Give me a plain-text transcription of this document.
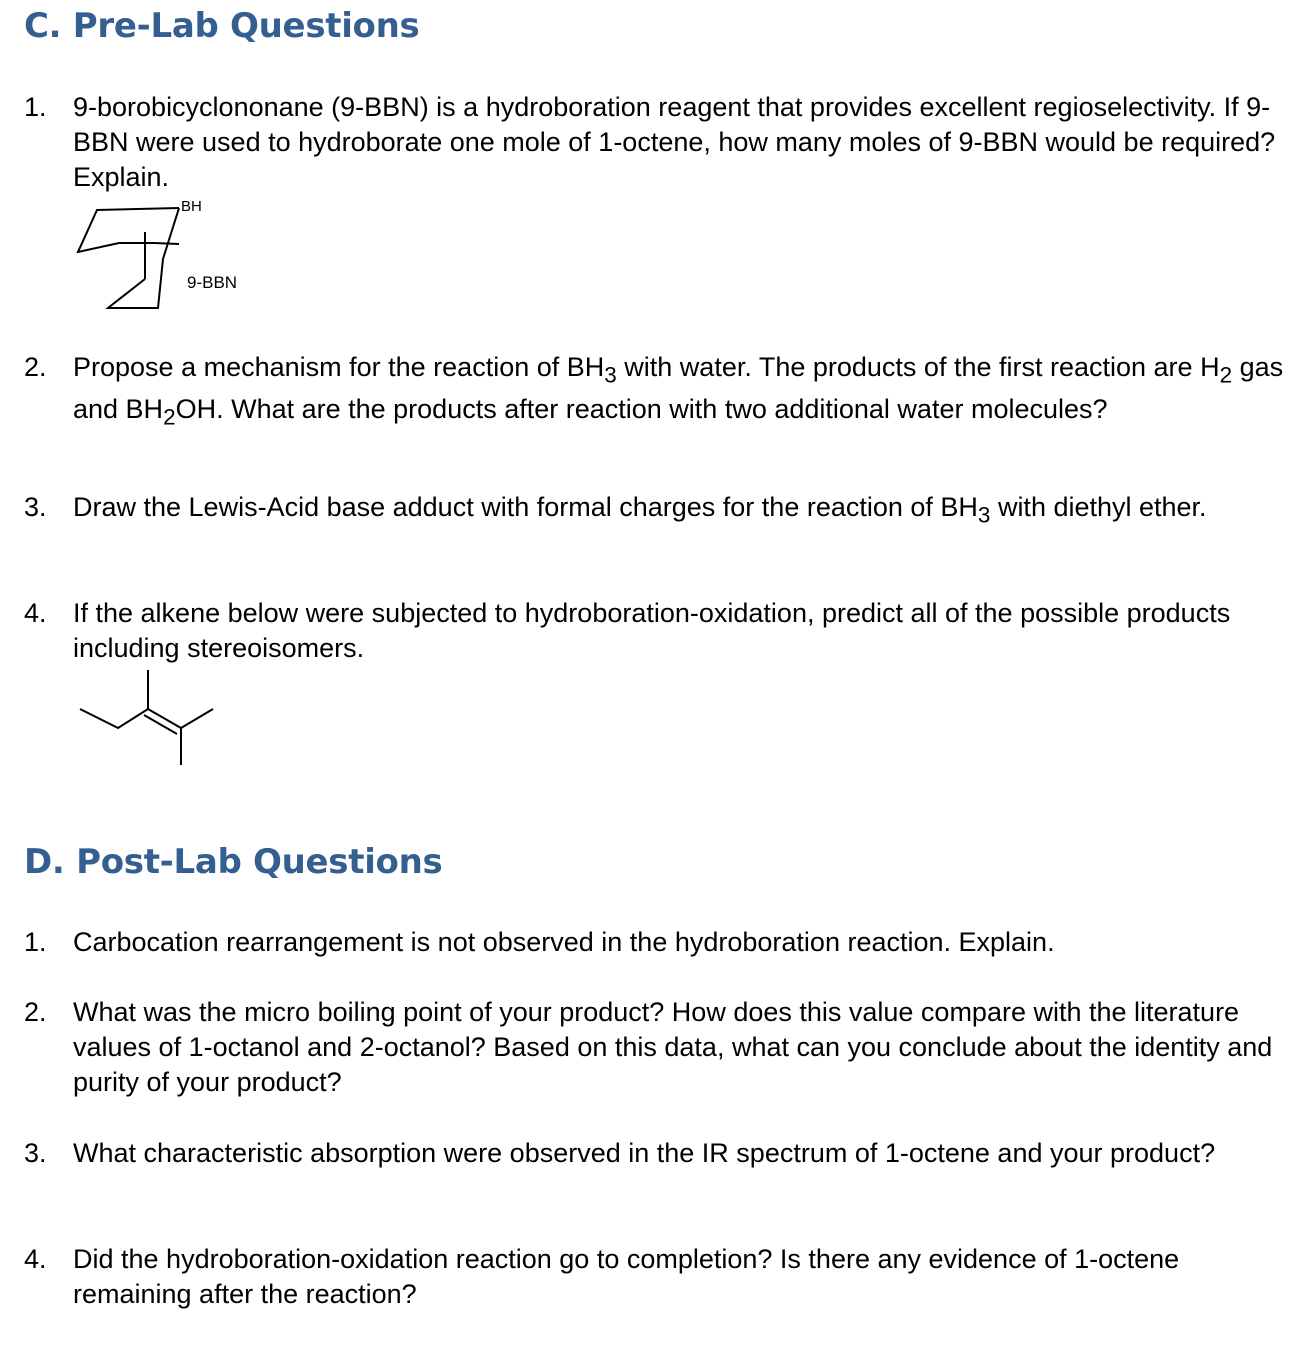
C. Pre-Lab Questions
1. 9-borobicyclononane (9-BBN) is a hydroboration reagent that provides excellent regioselectivity. If 9-BBN were used to hydroborate one mole of 1-octene, how many moles of 9-BBN would be required? Explain.
BH
9-BBN
2. Propose a mechanism for the reaction of $BH_3$ with water. The products of the first reaction are $H_2$ gas and $BH_2OH$. What are the products after reaction with two additional water molecules?
3. Draw the Lewis-Acid base adduct with formal charges for the reaction of $BH_3$ with diethyl ether.
4. If the alkene below were subjected to hydroboration-oxidation, predict all of the possible products including stereoisomers.
D. Post-Lab Questions
1. Carbocation rearrangement is not observed in the hydroboration reaction. Explain.
2. What was the micro boiling point of your product? How does this value compare with the literature values of 1-octanol and 2-octanol? Based on this data, what can you conclude about the identity and purity of your product?
3. What characteristic absorption were observed in the IR spectrum of 1-octene and your product?
4. Did the hydroboration-oxidation reaction go to completion? Is there any evidence of 1-octene remaining after the reaction?
